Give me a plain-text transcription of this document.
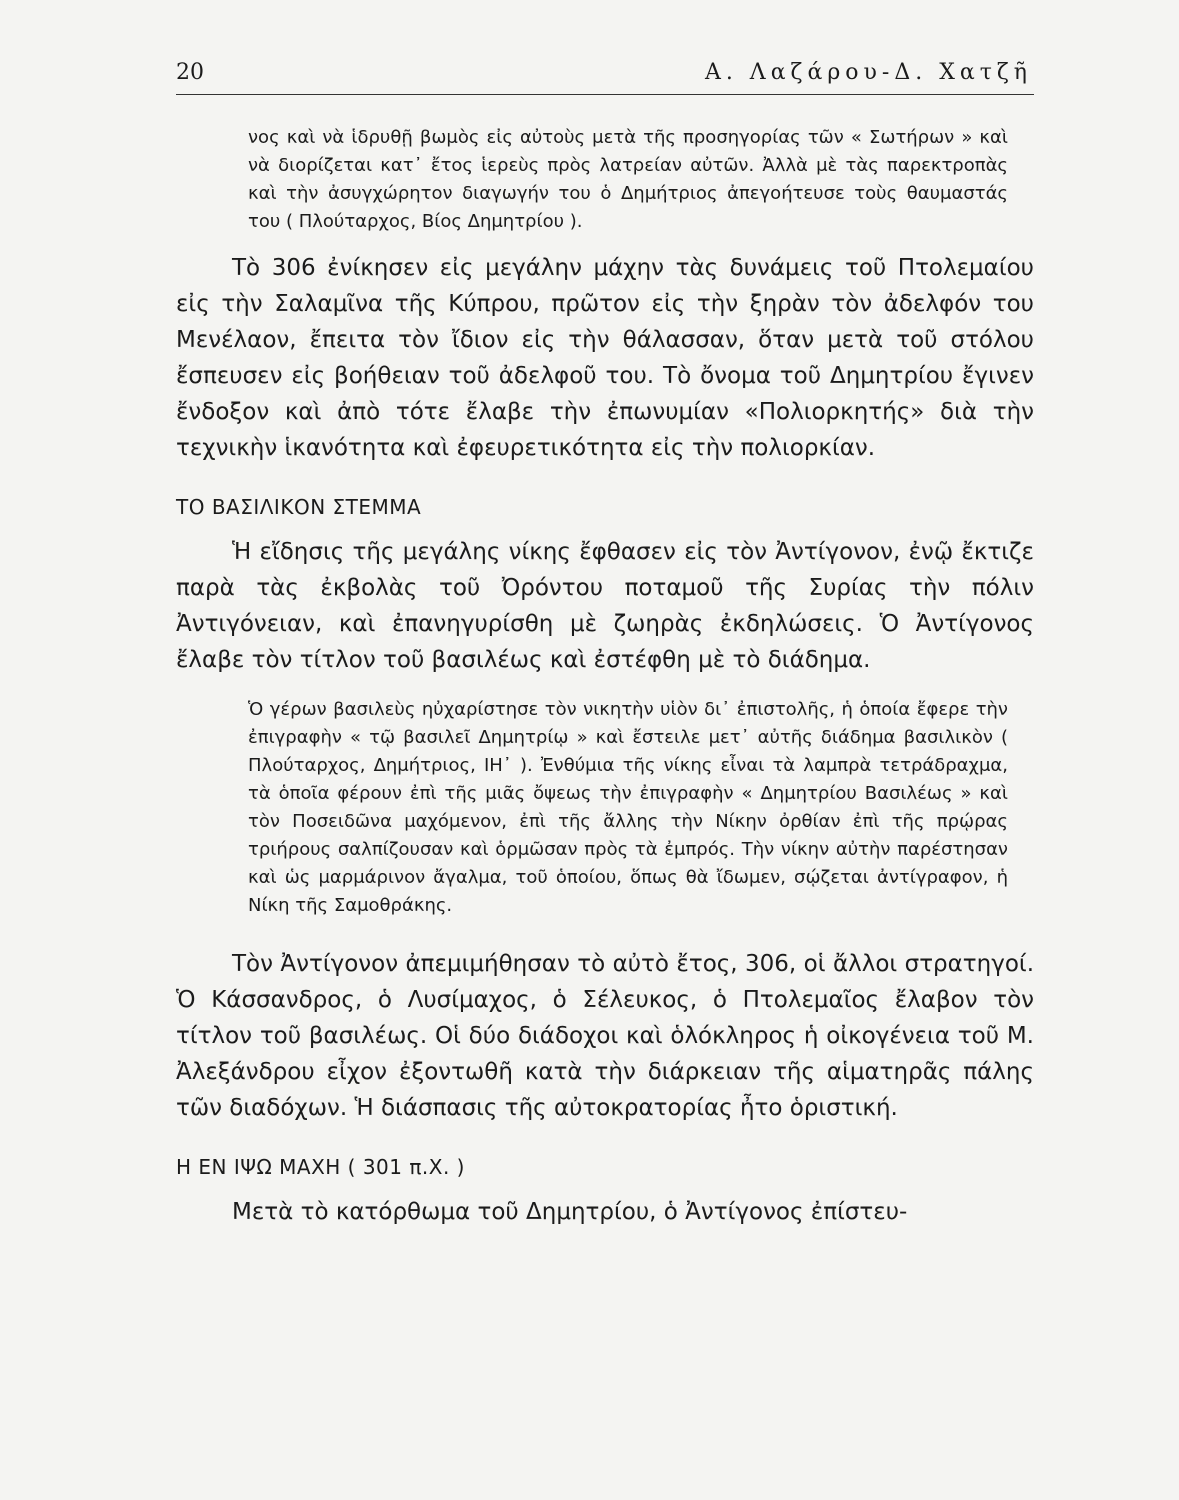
20	Α. Λαζάρου-Δ. Χατζῆ

νος καὶ νὰ ἱδρυθῇ βωμὸς εἰς αὐτοὺς μετὰ τῆς προσηγορίας τῶν « Σωτήρων » καὶ νὰ διορίζεται κατ᾽ ἔτος ἱερεὺς πρὸς λατρείαν αὐτῶν. Ἀλλὰ μὲ τὰς παρεκτροπὰς καὶ τὴν ἀσυγχώρητον διαγωγήν του ὁ Δημήτριος ἀπεγοήτευσε τοὺς θαυμαστάς του ( Πλούταρχος, Βίος Δημητρίου ).

Τὸ 306 ἐνίκησεν εἰς μεγάλην μάχην τὰς δυνάμεις τοῦ Πτολεμαίου εἰς τὴν Σαλαμῖνα τῆς Κύπρου, πρῶτον εἰς τὴν ξηρὰν τὸν ἀδελφόν του Μενέλαον, ἔπειτα τὸν ἴδιον εἰς τὴν θάλασσαν, ὅταν μετὰ τοῦ στόλου ἔσπευσεν εἰς βοήθειαν τοῦ ἀδελφοῦ του. Τὸ ὄνομα τοῦ Δημητρίου ἔγινεν ἔνδοξον καὶ ἀπὸ τότε ἔλαβε τὴν ἐπωνυμίαν «Πολιορκητής» διὰ τὴν τεχνικὴν ἱκανότητα καὶ ἐφευρετικότητα εἰς τὴν πολιορκίαν.

ΤΟ ΒΑΣΙΛΙΚΟΝ ΣΤΕΜΜΑ

Ἡ εἴδησις τῆς μεγάλης νίκης ἔφθασεν εἰς τὸν Ἀντίγονον, ἐνῷ ἔκτιζε παρὰ τὰς ἐκβολὰς τοῦ Ὀρόντου ποταμοῦ τῆς Συρίας τὴν πόλιν Ἀντιγόνειαν, καὶ ἐπανηγυρίσθη μὲ ζωηρὰς ἐκδηλώσεις. Ὁ Ἀντίγονος ἔλαβε τὸν τίτλον τοῦ βασιλέως καὶ ἐστέφθη μὲ τὸ διάδημα.

Ὁ γέρων βασιλεὺς ηὐχαρίστησε τὸν νικητὴν υἱὸν δι᾽ ἐπιστολῆς, ἡ ὁποία ἔφερε τὴν ἐπιγραφὴν « τῷ βασιλεῖ Δημητρίῳ » καὶ ἔστειλε μετ᾽ αὐτῆς διάδημα βασιλικὸν ( Πλούταρχος, Δημήτριος, ΙΗ᾽ ). Ἐνθύμια τῆς νίκης εἶναι τὰ λαμπρὰ τετράδραχμα, τὰ ὁποῖα φέρουν ἐπὶ τῆς μιᾶς ὄψεως τὴν ἐπιγραφὴν « Δημητρίου Βασιλέως » καὶ τὸν Ποσειδῶνα μαχόμενον, ἐπὶ τῆς ἄλλης τὴν Νίκην ὀρθίαν ἐπὶ τῆς πρῴρας τριήρους σαλπίζουσαν καὶ ὁρμῶσαν πρὸς τὰ ἐμπρός. Τὴν νίκην αὐτὴν παρέστησαν καὶ ὡς μαρμάρινον ἄγαλμα, τοῦ ὁποίου, ὅπως θὰ ἴδωμεν, σῴζεται ἀντίγραφον, ἡ Νίκη τῆς Σαμοθράκης.

Τὸν Ἀντίγονον ἀπεμιμήθησαν τὸ αὐτὸ ἔτος, 306, οἱ ἄλλοι στρατηγοί. Ὁ Κάσσανδρος, ὁ Λυσίμαχος, ὁ Σέλευκος, ὁ Πτολεμαῖος ἔλαβον τὸν τίτλον τοῦ βασιλέως. Οἱ δύο διάδοχοι καὶ ὁλόκληρος ἡ οἰκογένεια τοῦ Μ. Ἀλεξάνδρου εἶχον ἐξοντωθῆ κατὰ τὴν διάρκειαν τῆς αἱματηρᾶς πάλης τῶν διαδόχων. Ἡ διάσπασις τῆς αὐτοκρατορίας ἦτο ὁριστική.

Η ΕΝ ΙΨΩ ΜΑΧΗ ( 301 π.Χ. )

Μετὰ τὸ κατόρθωμα τοῦ Δημητρίου, ὁ Ἀντίγονος ἐπίστευ-
